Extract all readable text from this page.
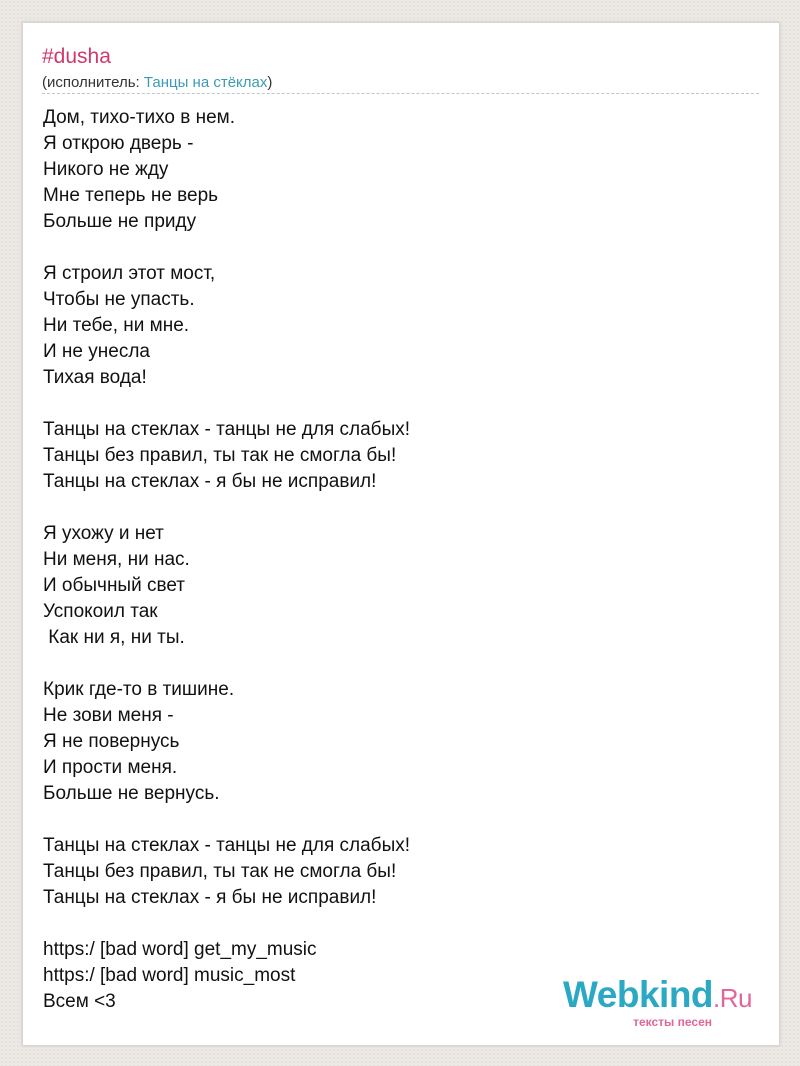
#dusha
(исполнитель: Танцы на стёклах)
Дом, тихо-тихо в нем.
Я открою дверь -
Никого не жду
Мне теперь не верь
Больше не приду
Я строил этот мост,
Чтобы не упасть.
Ни тебе, ни мне.
И не унесла
Тихая вода!
Танцы на стеклах - танцы не для слабых!
Танцы без правил, ты так не смогла бы!
Танцы на стеклах - я бы не исправил!
Я ухожу и нет
Ни меня, ни нас.
И обычный свет
Успокоил так
Как ни я, ни ты.
Крик где-то в тишине.
Не зови меня -
Я не повернусь
И прости меня.
Больше не вернусь.
Танцы на стеклах - танцы не для слабых!
Танцы без правил, ты так не смогла бы!
Танцы на стеклах - я бы не исправил!
https:/ [bad word] get_my_music
https:/ [bad word] music_most
Всем <3	Webkind.Ru
тексты песен
